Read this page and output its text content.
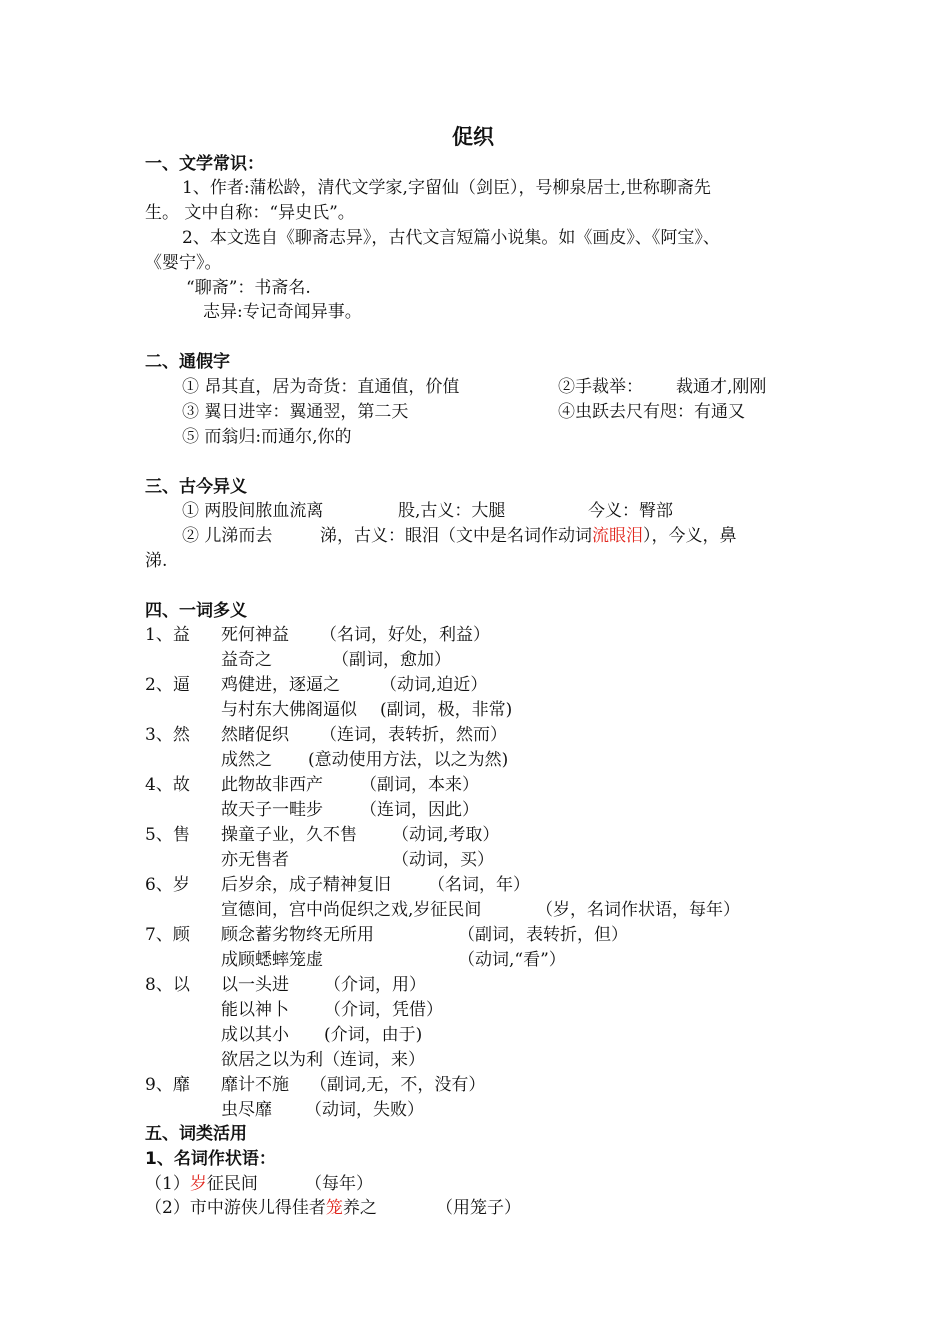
促织
一、文学常识：
1、作者:蒲松龄，清代文学家,字留仙（剑臣），号柳泉居士,世称聊斋先
生。 文中自称：“异史氏”。
2、本文选自《聊斋志异》，古代文言短篇小说集。如《画皮》、《阿宝》、
《婴宁》。
“聊斋”：书斋名.
志异:专记奇闻异事。
二、通假字
① 昂其直，居为奇货：直通值，价值	②手裁举： 裁通才,刚刚
③ 翼日进宰：翼通翌，第二天	④虫跃去尺有咫：有通又
⑤ 而翁归:而通尔,你的
三、古今异义
① 两股间脓血流离	股,古义：大腿	今义：臀部
② 儿涕而去	涕，古义：眼泪（文中是名词作动词流眼泪），今义，鼻
涕.
四、一词多义
1、益 死何神益 （名词，好处，利益）
益奇之	（副词，愈加）
2、逼 鸡健进，逐逼之 （动词,迫近）
与村东大佛阁逼似 (副词，极，非常)
3、然 然睹促织 （连词，表转折，然而）
成然之 (意动使用方法，以之为然)
4、故 此物故非西产 （副词，本来）
故天子一畦步 （连词，因此）
5、售 操童子业，久不售 （动词,考取）
亦无售者	（动词，买）
6、岁 后岁余，成子精神复旧 （名词，年）
宣德间，宫中尚促织之戏,岁征民间	（岁，名词作状语，每年）
7、顾 顾念蓄劣物终无所用	（副词，表转折，但）
成顾蟋蟀笼虚	（动词,“看”）
8、以 以一头进 （介词，用）
能以神卜 （介词，凭借）
成以其小 (介词，由于)
欲居之以为利（连词，来）
9、靡 靡计不施 （副词,无，不，没有）
虫尽靡 （动词，失败）
五、词类活用
1、名词作状语：
（1）岁征民间	（每年）
（2）市中游侠儿得佳者笼养之	（用笼子）
